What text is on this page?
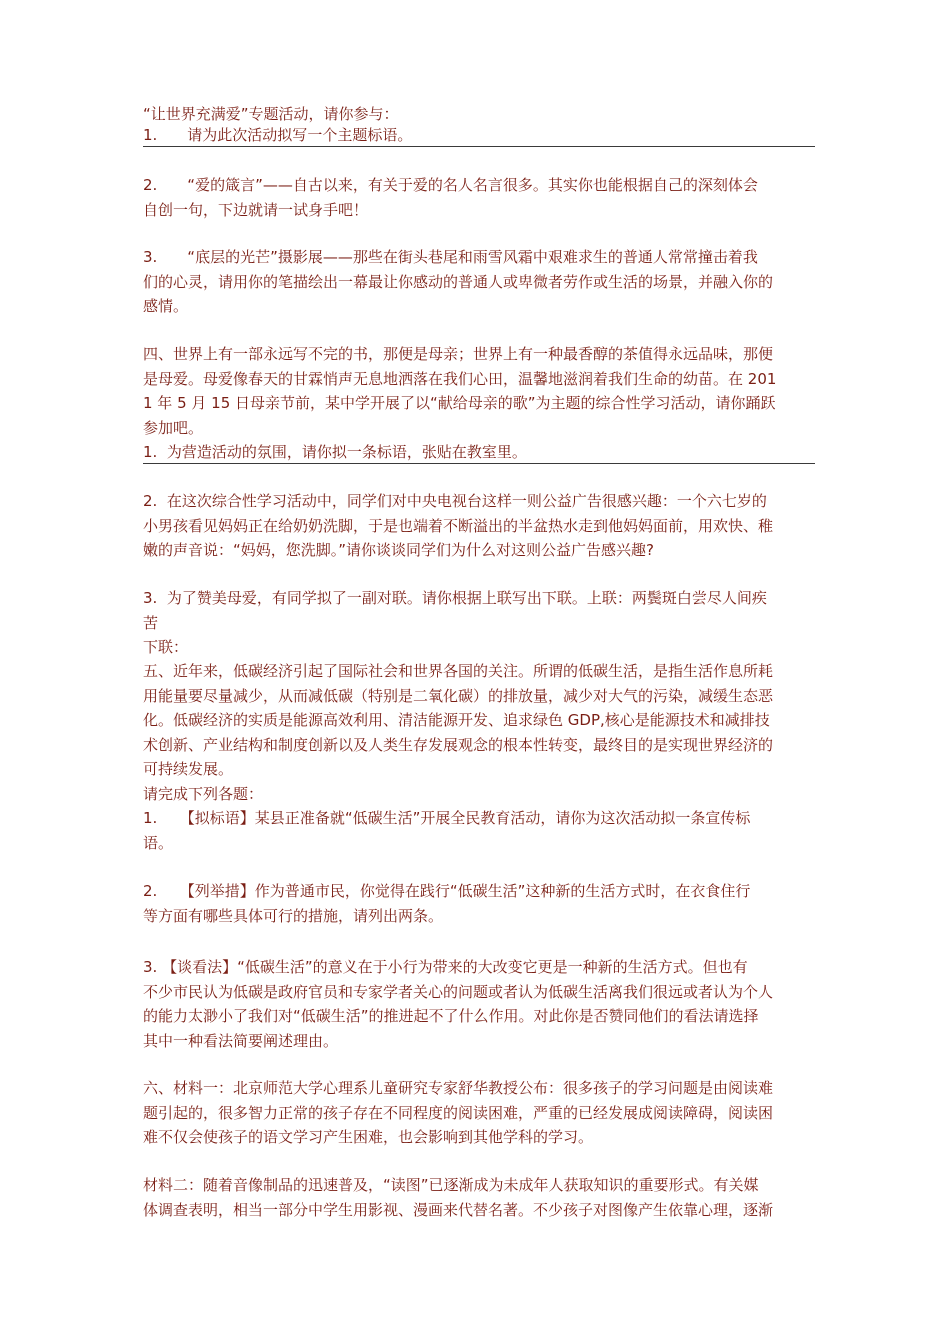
“让世界充满爱”专题活动，请你参与：

1.　　请为此次活动拟写一个主题标语。

2.　　“爱的箴言”——自古以来，有关于爱的名人名言很多。其实你也能根据自己的深刻体会

自创一句，下边就请一试身手吧！

3.　　“底层的光芒”摄影展——那些在街头巷尾和雨雪风霜中艰难求生的普通人常常撞击着我

们的心灵，请用你的笔描绘出一幕最让你感动的普通人或卑微者劳作或生活的场景，并融入你的

感情。

四、世界上有一部永远写不完的书，那便是母亲；世界上有一种最香醇的茶值得永远品味，那便

是母爱。母爱像春天的甘霖悄声无息地洒落在我们心田，温馨地滋润着我们生命的幼苗。在 201

1 年 5 月 15 日母亲节前，某中学开展了以“献给母亲的歌”为主题的综合性学习活动，请你踊跃

参加吧。

1.  为营造活动的氛围，请你拟一条标语，张贴在教室里。

2.  在这次综合性学习活动中，同学们对中央电视台这样一则公益广告很感兴趣：一个六七岁的

小男孩看见妈妈正在给奶奶洗脚，于是也端着不断溢出的半盆热水走到他妈妈面前，用欢快、稚

嫩的声音说：“妈妈，您洗脚。”请你谈谈同学们为什么对这则公益广告感兴趣?

3.  为了赞美母爱，有同学拟了一副对联。请你根据上联写出下联。上联：两鬓斑白尝尽人间疾

苦

下联：

五、近年来，低碳经济引起了国际社会和世界各国的关注。所谓的低碳生活，是指生活作息所耗

用能量要尽量减少，从而减低碳（特别是二氧化碳）的排放量，减少对大气的污染，减缓生态恶

化。低碳经济的实质是能源高效利用、清洁能源开发、追求绿色 GDP,核心是能源技术和减排技

术创新、产业结构和制度创新以及人类生存发展观念的根本性转变，最终目的是实现世界经济的

可持续发展。

请完成下列各题：

1.　　【拟标语】某县正准备就“低碳生活”开展全民教育活动，请你为这次活动拟一条宣传标

语。

2.　　【列举措】作为普通市民，你觉得在践行“低碳生活”这种新的生活方式时，在衣食住行

等方面有哪些具体可行的措施，请列出两条。

3. 【谈看法】“低碳生活”的意义在于小行为带来的大改变它更是一种新的生活方式。但也有

不少市民认为低碳是政府官员和专家学者关心的问题或者认为低碳生活离我们很远或者认为个人

的能力太渺小了我们对“低碳生活”的推进起不了什么作用。对此你是否赞同他们的看法请选择

其中一种看法简要阐述理由。

六、材料一：北京师范大学心理系儿童研究专家舒华教授公布：很多孩子的学习问题是由阅读难

题引起的，很多智力正常的孩子存在不同程度的阅读困难，严重的已经发展成阅读障碍，阅读困

难不仅会使孩子的语文学习产生困难，也会影响到其他学科的学习。

材料二：随着音像制品的迅速普及，“读图”已逐渐成为未成年人获取知识的重要形式。有关媒

体调查表明，相当一部分中学生用影视、漫画来代替名著。不少孩子对图像产生依靠心理，逐渐
